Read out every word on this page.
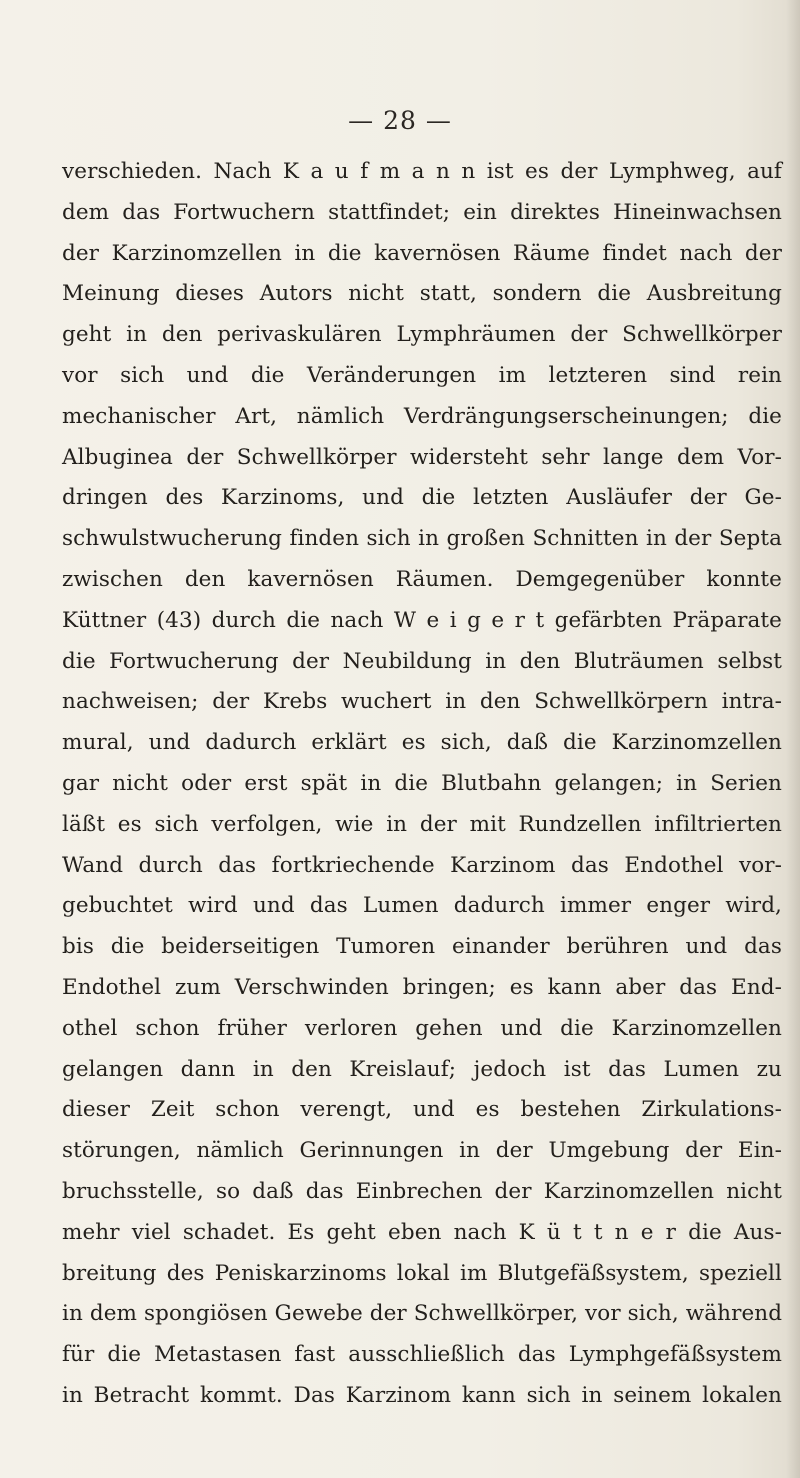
— 28 —
verschieden. Nach K a u f m a n n ist es der Lymphweg, auf
dem das Fortwuchern stattfindet; ein direktes Hineinwachsen
der Karzinomzellen in die kavernösen Räume findet nach der
Meinung dieses Autors nicht statt, sondern die Ausbreitung
geht in den perivaskulären Lymphräumen der Schwellkörper
vor sich und die Veränderungen im letzteren sind rein
mechanischer Art, nämlich Verdrängungserscheinungen; die
Albuginea der Schwellkörper widersteht sehr lange dem Vor-
dringen des Karzinoms, und die letzten Ausläufer der Ge-
schwulstwucherung finden sich in großen Schnitten in der Septa
zwischen den kavernösen Räumen. Demgegenüber konnte
Küttner (43) durch die nach W e i g e r t gefärbten Präparate
die Fortwucherung der Neubildung in den Bluträumen selbst
nachweisen; der Krebs wuchert in den Schwellkörpern intra-
mural, und dadurch erklärt es sich, daß die Karzinomzellen
gar nicht oder erst spät in die Blutbahn gelangen; in Serien
läßt es sich verfolgen, wie in der mit Rundzellen infiltrierten
Wand durch das fortkriechende Karzinom das Endothel vor-
gebuchtet wird und das Lumen dadurch immer enger wird,
bis die beiderseitigen Tumoren einander berühren und das
Endothel zum Verschwinden bringen; es kann aber das End-
othel schon früher verloren gehen und die Karzinomzellen
gelangen dann in den Kreislauf; jedoch ist das Lumen zu
dieser Zeit schon verengt, und es bestehen Zirkulations-
störungen, nämlich Gerinnungen in der Umgebung der Ein-
bruchsstelle, so daß das Einbrechen der Karzinomzellen nicht
mehr viel schadet. Es geht eben nach K ü t t n e r die Aus-
breitung des Peniskarzinoms lokal im Blutgefäßsystem, speziell
in dem spongiösen Gewebe der Schwellkörper, vor sich, während
für die Metastasen fast ausschließlich das Lymphgefäßsystem
in Betracht kommt. Das Karzinom kann sich in seinem lokalen
